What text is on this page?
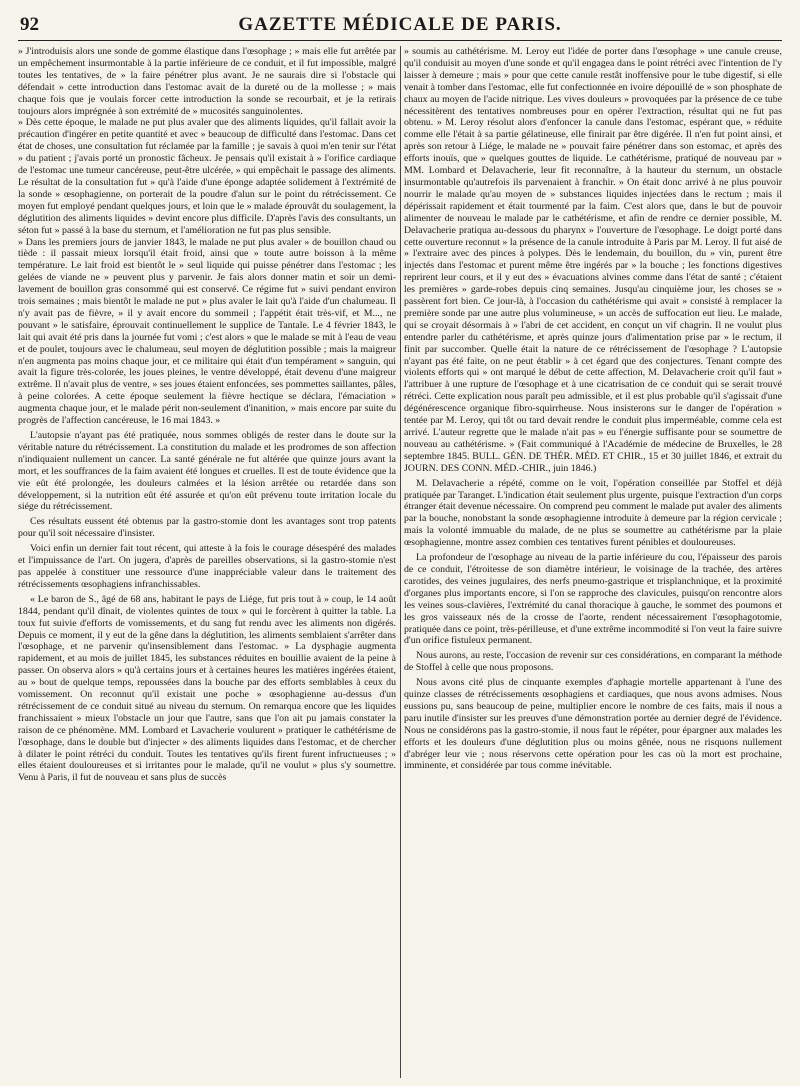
92	GAZETTE MÉDICALE DE PARIS.

» J'introduisis alors une sonde de gomme élastique dans l'œsophage ; » mais elle fut arrêtée par un empêchement insurmontable à la partie inférieure de ce conduit, et il fut impossible, malgré toutes les tentatives, de » la faire pénétrer plus avant. Je ne saurais dire si l'obstacle qui défendait » cette introduction dans l'estomac avait de la dureté ou de la mollesse ; » mais chaque fois que je voulais forcer cette introduction la sonde se recourbait, et je la retirais toujours alors imprégnée à son extrémité de » mucosités sanguinolentes.

» Dès cette époque, le malade ne put plus avaler que des aliments liquides, qu'il fallait avoir la précaution d'ingérer en petite quantité et avec » beaucoup de difficulté dans l'estomac. Dans cet état de choses, une consultation fut réclamée par la famille ; je savais à quoi m'en tenir sur l'état » du patient ; j'avais porté un pronostic fâcheux. Je pensais qu'il existait à » l'orifice cardiaque de l'estomac une tumeur cancéreuse, peut-être ulcérée, » qui empêchait le passage des aliments. Le résultat de la consultation fut » qu'à l'aide d'une éponge adaptée solidement à l'extrémité de la sonde » œsophagienne, on porterait de la poudre d'alun sur le point du rétrécissement. Ce moyen fut employé pendant quelques jours, et loin que le » malade éprouvât du soulagement, la déglutition des aliments liquides » devint encore plus difficile. D'après l'avis des consultants, un séton fut » passé à la base du sternum, et l'amélioration ne fut pas plus sensible.

» Dans les premiers jours de janvier 1843, le malade ne put plus avaler » de bouillon chaud ou tiède : il passait mieux lorsqu'il était froid, ainsi que » toute autre boisson à la même température. Le lait froid est bientôt le » seul liquide qui puisse pénétrer dans l'estomac ; les gelées de viande ne » peuvent plus y parvenir. Je fais alors donner matin et soir un demi-lavement de bouillon gras consommé qui est conservé. Ce régime fut » suivi pendant environ trois semaines ; mais bientôt le malade ne put » plus avaler le lait qu'à l'aide d'un chalumeau. Il n'y avait pas de fièvre, » il y avait encore du sommeil ; l'appétit était très-vif, et M..., ne pouvant » le satisfaire, éprouvait continuellement le supplice de Tantale. Le 4 février 1843, le lait qui avait été pris dans la journée fut vomi ; c'est alors » que le malade se mit à l'eau de veau et de poulet, toujours avec le chalumeau, seul moyen de déglutition possible ; mais la maigreur n'en augmenta pas moins chaque jour, et ce militaire qui était d'un tempérament » sanguin, qui avait la figure très-colorée, les joues pleines, le ventre développé, était devenu d'une maigreur extrême. Il n'avait plus de ventre, » ses joues étaient enfoncées, ses pommettes saillantes, pâles, à peine colorées. A cette époque seulement la fièvre hectique se déclara, l'émaciation » augmenta chaque jour, et le malade périt non-seulement d'inanition, » mais encore par suite du progrès de l'affection cancéreuse, le 16 mai 1843. »

L'autopsie n'ayant pas été pratiquée, nous sommes obligés de rester dans le doute sur la véritable nature du rétrécissement. La constitution du malade et les prodromes de son affection n'indiquaient nullement un cancer. La santé générale ne fut altérée que quinze jours avant la mort, et les souffrances de la faim avaient été longues et cruelles. Il est de toute évidence que la vie eût été prolongée, les douleurs calmées et la lésion arrêtée ou retardée dans son développement, si la nutrition eût été assurée et qu'on eût prévenu toute irritation locale du siége du rétrécissement.

Ces résultats eussent été obtenus par la gastro-stomie dont les avantages sont trop patents pour qu'il soit nécessaire d'insister.

Voici enfin un dernier fait tout récent, qui atteste à la fois le courage désespéré des malades et l'impuissance de l'art. On jugera, d'après de pareilles observations, si la gastro-stomie n'est pas appelée à constituer une ressource d'une inappréciable valeur dans le traitement des rétrécissements œsophagiens infranchissables.

« Le baron de S., âgé de 68 ans, habitant le pays de Liége, fut pris tout à » coup, le 14 août 1844, pendant qu'il dînait, de violentes quintes de toux » qui le forcèrent à quitter la table. La toux fut suivie d'efforts de vomissements, et du sang fut rendu avec les aliments non digérés. Depuis ce moment, il y eut de la gêne dans la déglutition, les aliments semblaient s'arrêter dans l'œsophage, et ne parvenir qu'insensiblement dans l'estomac. » La dysphagie augmenta rapidement, et au mois de juillet 1845, les substances réduites en bouillie avaient de la peine à passer. On observa alors » qu'à certains jours et à certaines heures les matières ingérées étaient, au » bout de quelque temps, repoussées dans la bouche par des efforts semblables à ceux du vomissement. On reconnut qu'il existait une poche » œsophagienne au-dessus d'un rétrécissement de ce conduit situé au niveau du sternum. On remarqua encore que les liquides franchissaient » mieux l'obstacle un jour que l'autre, sans que l'on ait pu jamais constater la raison de ce phénomène. MM. Lombard et Lavacherie voulurent » pratiquer le cathétérisme de l'œsophage, dans le double but d'injecter » des aliments liquides dans l'estomac, et de chercher à dilater le point rétréci du conduit. Toutes les tentatives qu'ils firent furent infructueuses ; » elles étaient douloureuses et si irritantes pour le malade, qu'il ne voulut » plus s'y soumettre. Venu à Paris, il fut de nouveau et sans plus de succès

» soumis au cathétérisme. M. Leroy eut l'idée de porter dans l'œsophage » une canule creuse, qu'il conduisit au moyen d'une sonde et qu'il engagea dans le point rétréci avec l'intention de l'y laisser à demeure ; mais » pour que cette canule restât inoffensive pour le tube digestif, si elle venait à tomber dans l'estomac, elle fut confectionnée en ivoire dépouillé de » son phosphate de chaux au moyen de l'acide nitrique. Les vives douleurs » provoquées par la présence de ce tube nécessitèrent des tentatives nombreuses pour en opérer l'extraction, résultat qui ne fut pas obtenu. » M. Leroy résolut alors d'enfoncer la canule dans l'estomac, espérant que, » réduite comme elle l'était à sa partie gélatineuse, elle finirait par être digérée. Il n'en fut point ainsi, et après son retour à Liége, le malade ne » pouvait faire pénétrer dans son estomac, et après des efforts inouïs, que » quelques gouttes de liquide. Le cathétérisme, pratiqué de nouveau par » MM. Lombard et Delavacherie, leur fit reconnaître, à la hauteur du sternum, un obstacle insurmontable qu'autrefois ils parvenaient à franchir. » On était donc arrivé à ne plus pouvoir nourrir le malade qu'au moyen de » substances liquides injectées dans le rectum ; mais il dépérissait rapidement et était tourmenté par la faim. C'est alors que, dans le but de pouvoir alimenter de nouveau le malade par le cathétérisme, et afin de rendre ce dernier possible, M. Delavacherie pratiqua au-dessous du pharynx » l'ouverture de l'œsophage. Le doigt porté dans cette ouverture reconnut » la présence de la canule introduite à Paris par M. Leroy. Il fut aisé de » l'extraire avec des pinces à polypes. Dès le lendemain, du bouillon, du » vin, purent être injectés dans l'estomac et purent même être ingérés par » la bouche ; les fonctions digestives reprirent leur cours, et il y eut des » évacuations alvines comme dans l'état de santé ; c'étaient les premières » garde-robes depuis cinq semaines. Jusqu'au cinquième jour, les choses se » passèrent fort bien. Ce jour-là, à l'occasion du cathétérisme qui avait » consisté à remplacer la première sonde par une autre plus volumineuse, » un accès de suffocation eut lieu. Le malade, qui se croyait désormais à » l'abri de cet accident, en conçut un vif chagrin. Il ne voulut plus entendre parler du cathétérisme, et après quinze jours d'alimentation prise par » le rectum, il finit par succomber. Quelle était la nature de ce rétrécissement de l'œsophage ? L'autopsie n'ayant pas été faite, on ne peut établir » à cet égard que des conjectures. Tenant compte des violents efforts qui » ont marqué le début de cette affection, M. Delavacherie croit qu'il faut » l'attribuer à une rupture de l'œsophage et à une cicatrisation de ce conduit qui se serait trouvé rétréci. Cette explication nous paraît peu admissible, et il est plus probable qu'il s'agissait d'une dégénérescence organique fibro-squirrheuse. Nous insisterons sur le danger de l'opération » tentée par M. Leroy, qui tôt ou tard devait rendre le conduit plus imperméable, comme cela est arrivé. L'auteur regrette que le malade n'ait pas » eu l'énergie suffisante pour se soumettre de nouveau au cathétérisme. » (Fait communiqué à l'Académie de médecine de Bruxelles, le 28 septembre 1845. BULL. GÉN. DE THÉR. MÉD. ET CHIR., 15 et 30 juillet 1846, et extrait du JOURN. DES CONN. MÉD.-CHIR., juin 1846.)

M. Delavacherie a répété, comme on le voit, l'opération conseillée par Stoffel et déjà pratiquée par Taranget. L'indication était seulement plus urgente, puisque l'extraction d'un corps étranger était devenue nécessaire. On comprend peu comment le malade put avaler des aliments par la bouche, nonobstant la sonde œsophagienne introduite à demeure par la région cervicale ; mais la volonté immuable du malade, de ne plus se soumettre au cathétérisme par la plaie œsophagienne, montre assez combien ces tentatives furent pénibles et douloureuses.

La profondeur de l'œsophage au niveau de la partie inférieure du cou, l'épaisseur des parois de ce conduit, l'étroitesse de son diamètre intérieur, le voisinage de la trachée, des artères carotides, des veines jugulaires, des nerfs pneumo-gastrique et trisplanchnique, et la proximité d'organes plus importants encore, si l'on se rapproche des clavicules, puisqu'on rencontre alors les veines sous-clavières, l'extrémité du canal thoracique à gauche, le sommet des poumons et les gros vaisseaux nés de la crosse de l'aorte, rendent nécessairement l'œsophagotomie, pratiquée dans ce point, très-périlleuse, et d'une extrême incommodité si l'on veut la faire suivre d'un orifice fistuleux permanent.

Nous aurons, au reste, l'occasion de revenir sur ces considérations, en comparant la méthode de Stoffel à celle que nous proposons.

Nous avons cité plus de cinquante exemples d'aphagie mortelle appartenant à l'une des quinze classes de rétrécissements œsophagiens et cardiaques, que nous avons admises. Nous eussions pu, sans beaucoup de peine, multiplier encore le nombre de ces faits, mais il nous a paru inutile d'insister sur les preuves d'une démonstration portée au dernier degré de l'évidence. Nous ne considérons pas la gastro-stomie, il nous faut le répéter, pour épargner aux malades les efforts et les douleurs d'une déglutition plus ou moins gênée, nous ne risquons nullement d'abréger leur vie ; nous réservons cette opération pour les cas où la mort est prochaine, imminente, et considérée par tous comme inévitable.
